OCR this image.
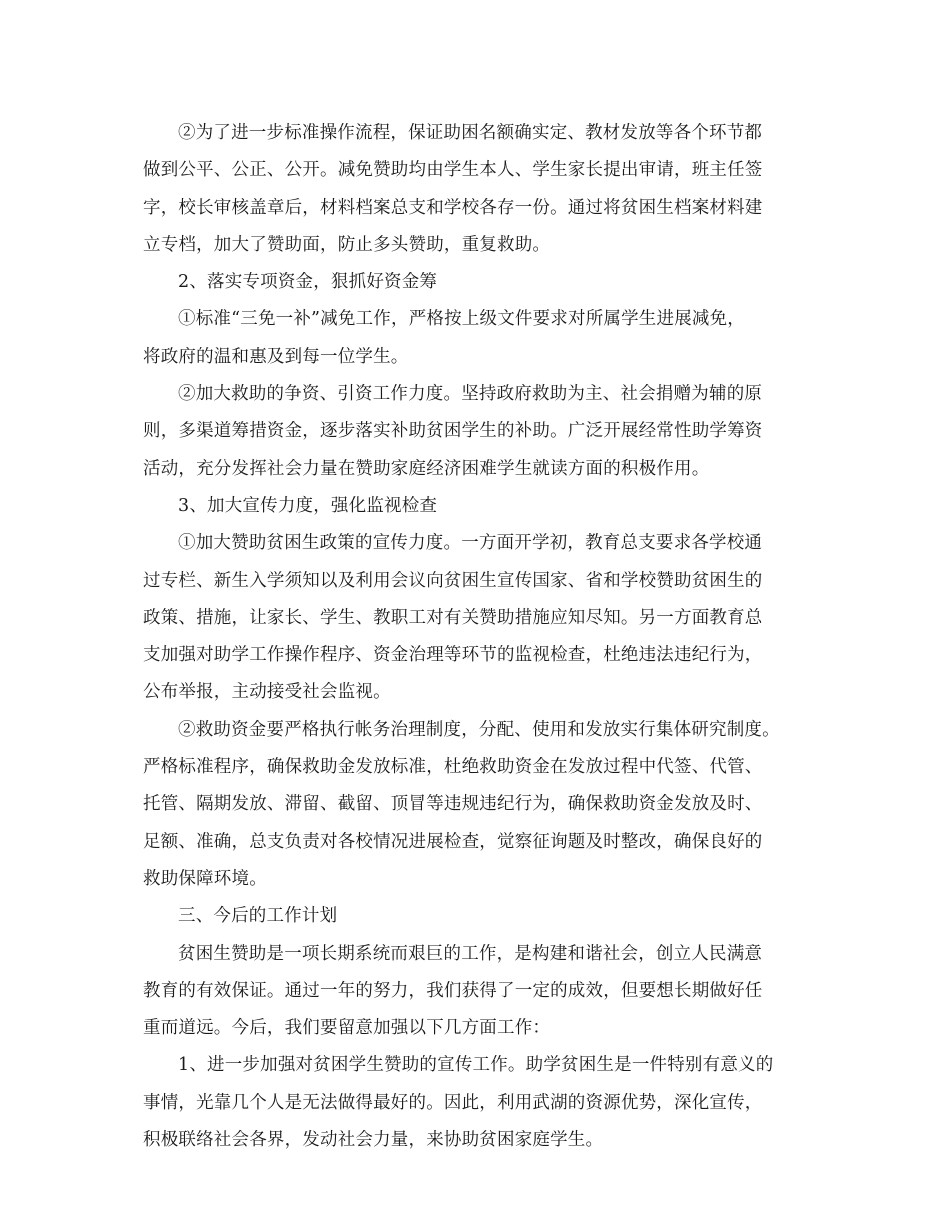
②为了进一步标准操作流程，保证助困名额确实定、教材发放等各个环节都
做到公平、公正、公开。减免赞助均由学生本人、学生家长提出审请，班主任签
字，校长审核盖章后，材料档案总支和学校各存一份。通过将贫困生档案材料建
立专档，加大了赞助面，防止多头赞助，重复救助。
2、落实专项资金，狠抓好资金筹
①标准“三免一补”减免工作，严格按上级文件要求对所属学生进展减免，
将政府的温和惠及到每一位学生。
②加大救助的争资、引资工作力度。坚持政府救助为主、社会捐赠为辅的原
则，多渠道筹措资金，逐步落实补助贫困学生的补助。广泛开展经常性助学筹资
活动，充分发挥社会力量在赞助家庭经济困难学生就读方面的积极作用。
3、加大宣传力度，强化监视检查
①加大赞助贫困生政策的宣传力度。一方面开学初，教育总支要求各学校通
过专栏、新生入学须知以及利用会议向贫困生宣传国家、省和学校赞助贫困生的
政策、措施，让家长、学生、教职工对有关赞助措施应知尽知。另一方面教育总
支加强对助学工作操作程序、资金治理等环节的监视检查，杜绝违法违纪行为，
公布举报，主动接受社会监视。
②救助资金要严格执行帐务治理制度，分配、使用和发放实行集体研究制度。
严格标准程序，确保救助金发放标准，杜绝救助资金在发放过程中代签、代管、
托管、隔期发放、滞留、截留、顶冒等违规违纪行为，确保救助资金发放及时、
足额、准确，总支负责对各校情况进展检查，觉察征询题及时整改，确保良好的
救助保障环境。
三、今后的工作计划
贫困生赞助是一项长期系统而艰巨的工作，是构建和谐社会，创立人民满意
教育的有效保证。通过一年的努力，我们获得了一定的成效，但要想长期做好任
重而道远。今后，我们要留意加强以下几方面工作：
1、进一步加强对贫困学生赞助的宣传工作。助学贫困生是一件特别有意义的
事情，光靠几个人是无法做得最好的。因此，利用武湖的资源优势，深化宣传，
积极联络社会各界，发动社会力量，来协助贫困家庭学生。
